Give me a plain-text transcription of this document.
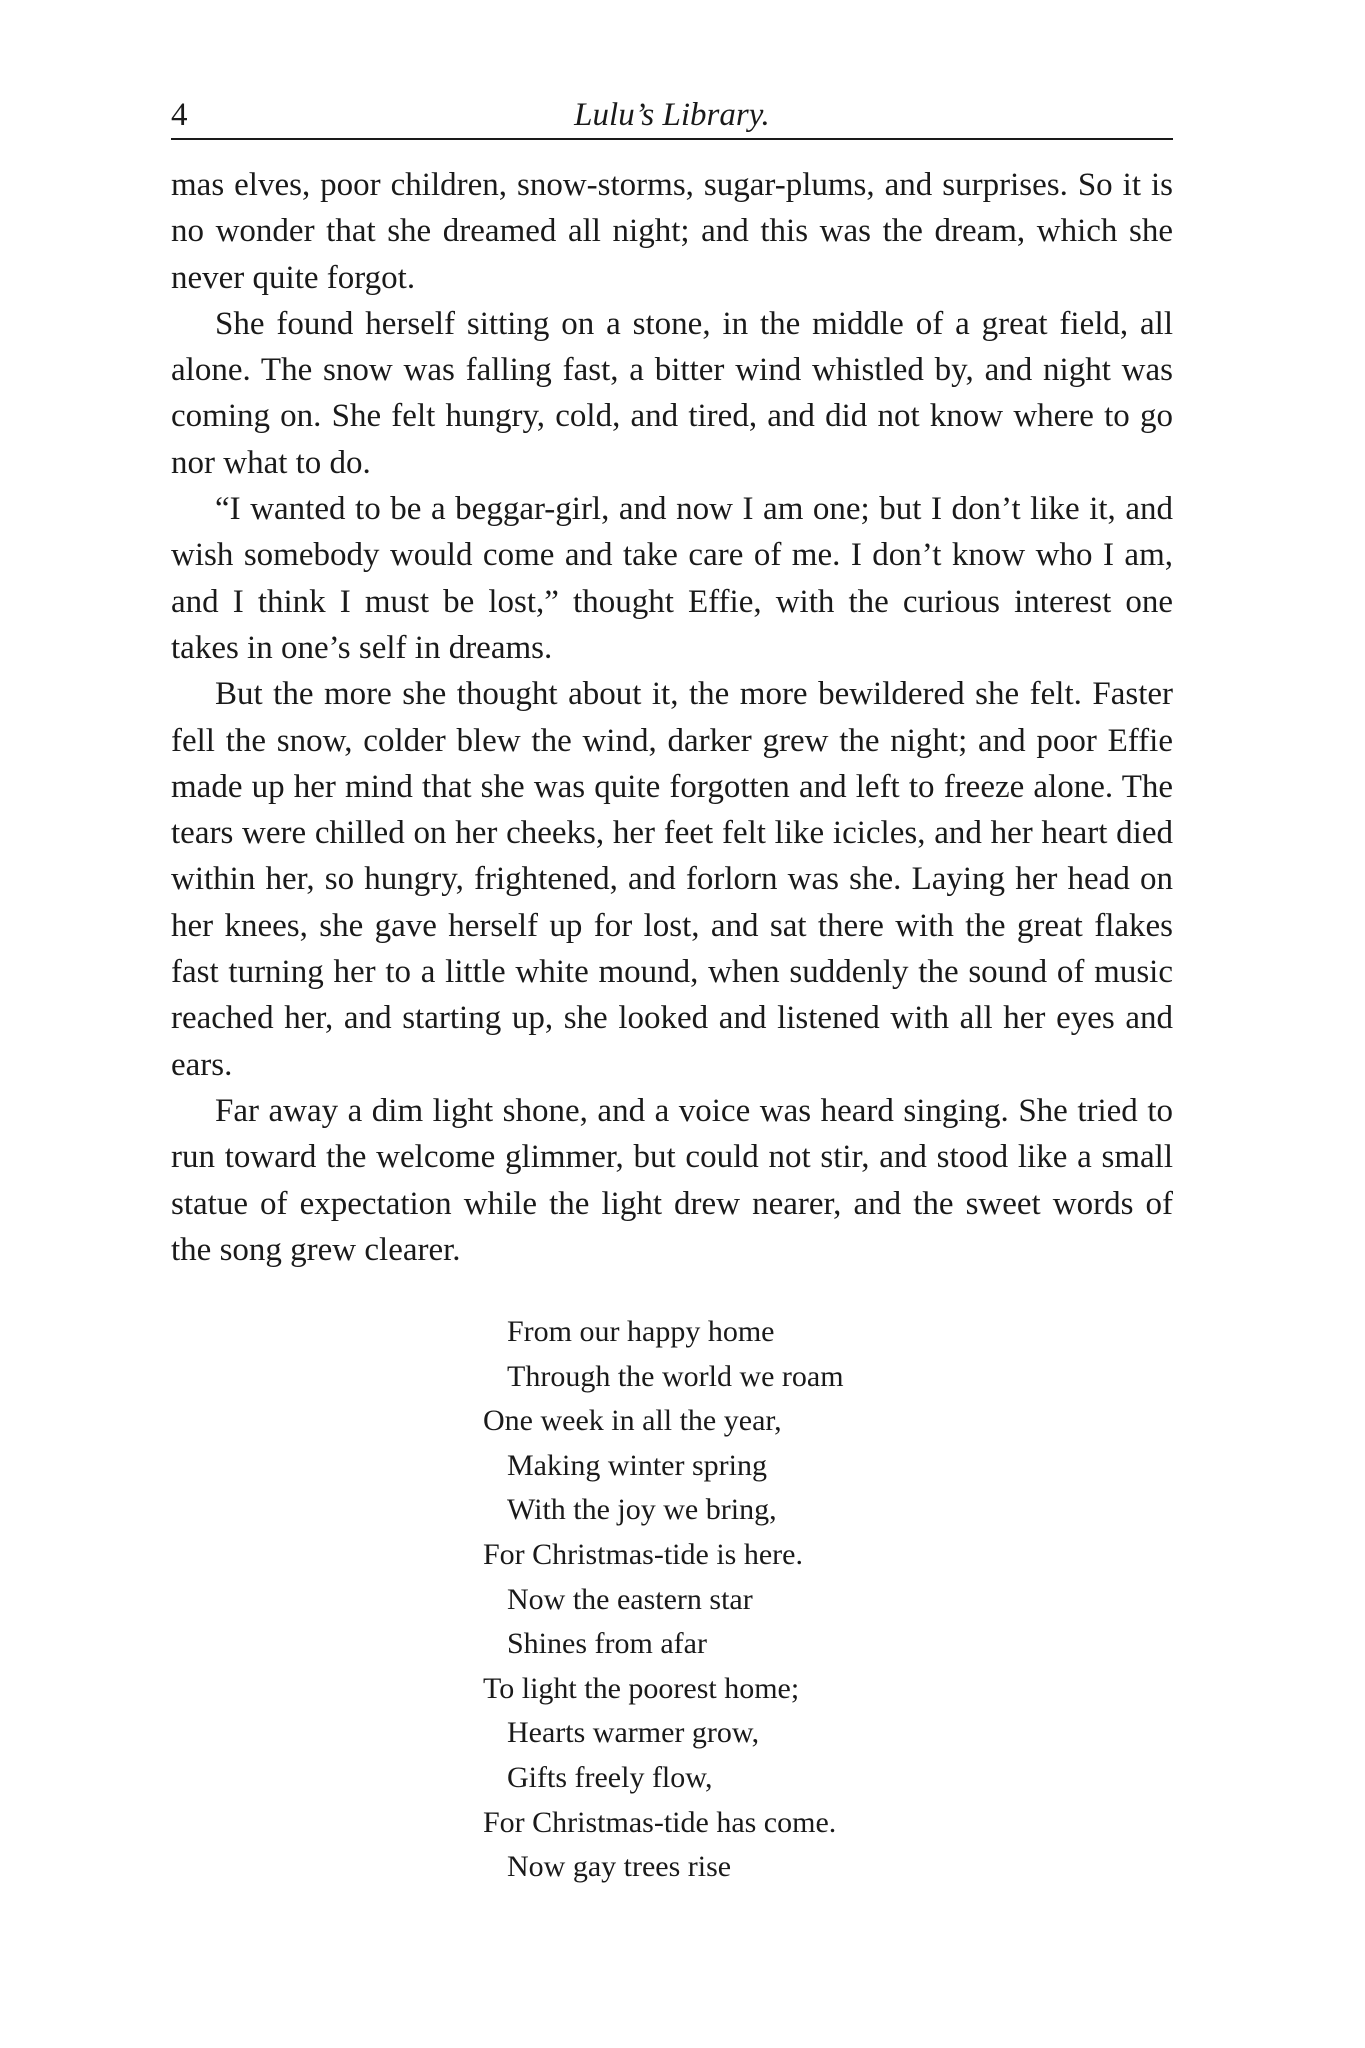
4	Lulu’s Library.

mas elves, poor children, snow-storms, sugar-plums, and surprises. So it is no wonder that she dreamed all night; and this was the dream, which she never quite forgot.

She found herself sitting on a stone, in the middle of a great field, all alone. The snow was falling fast, a bitter wind whistled by, and night was coming on. She felt hungry, cold, and tired, and did not know where to go nor what to do.

“I wanted to be a beggar-girl, and now I am one; but I don’t like it, and wish somebody would come and take care of me. I don’t know who I am, and I think I must be lost,” thought Effie, with the curious interest one takes in one’s self in dreams.

But the more she thought about it, the more bewildered she felt. Faster fell the snow, colder blew the wind, darker grew the night; and poor Effie made up her mind that she was quite forgotten and left to freeze alone. The tears were chilled on her cheeks, her feet felt like icicles, and her heart died within her, so hungry, frightened, and forlorn was she. Laying her head on her knees, she gave herself up for lost, and sat there with the great flakes fast turning her to a little white mound, when suddenly the sound of music reached her, and starting up, she looked and listened with all her eyes and ears.

Far away a dim light shone, and a voice was heard singing. She tried to run toward the welcome glimmer, but could not stir, and stood like a small statue of expectation while the light drew nearer, and the sweet words of the song grew clearer.

From our happy home
Through the world we roam
One week in all the year,
Making winter spring
With the joy we bring,
For Christmas-tide is here.
Now the eastern star
Shines from afar
To light the poorest home;
Hearts warmer grow,
Gifts freely flow,
For Christmas-tide has come.
Now gay trees rise
